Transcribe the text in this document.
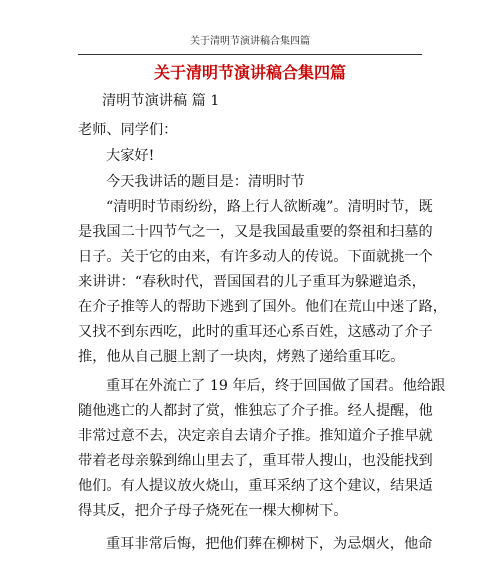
关于清明节演讲稿合集四篇
关于清明节演讲稿合集四篇
清明节演讲稿 篇 1
老师、同学们：
大家好!
今天我讲话的题目是：清明时节
“清明时节雨纷纷，路上行人欲断魂”。清明时节，既
是我国二十四节气之一，又是我国最重要的祭祖和扫墓的
日子。关于它的由来，有许多动人的传说。下面就挑一个
来讲讲：“春秋时代，晋国国君的儿子重耳为躲避追杀，
在介子推等人的帮助下逃到了国外。他们在荒山中迷了路，
又找不到东西吃，此时的重耳还心系百姓，这感动了介子
推，他从自己腿上割了一块肉，烤熟了递给重耳吃。
重耳在外流亡了 19 年后，终于回国做了国君。他给跟
随他逃亡的人都封了赏，惟独忘了介子推。经人提醒，他
非常过意不去，决定亲自去请介子推。推知道介子推早就
带着老母亲躲到绵山里去了，重耳带人搜山，也没能找到
他们。有人提议放火烧山，重耳采纳了这个建议，结果适
得其反，把介子母子烧死在一棵大柳树下。
重耳非常后悔，把他们葬在柳树下，为忌烟火，他命
